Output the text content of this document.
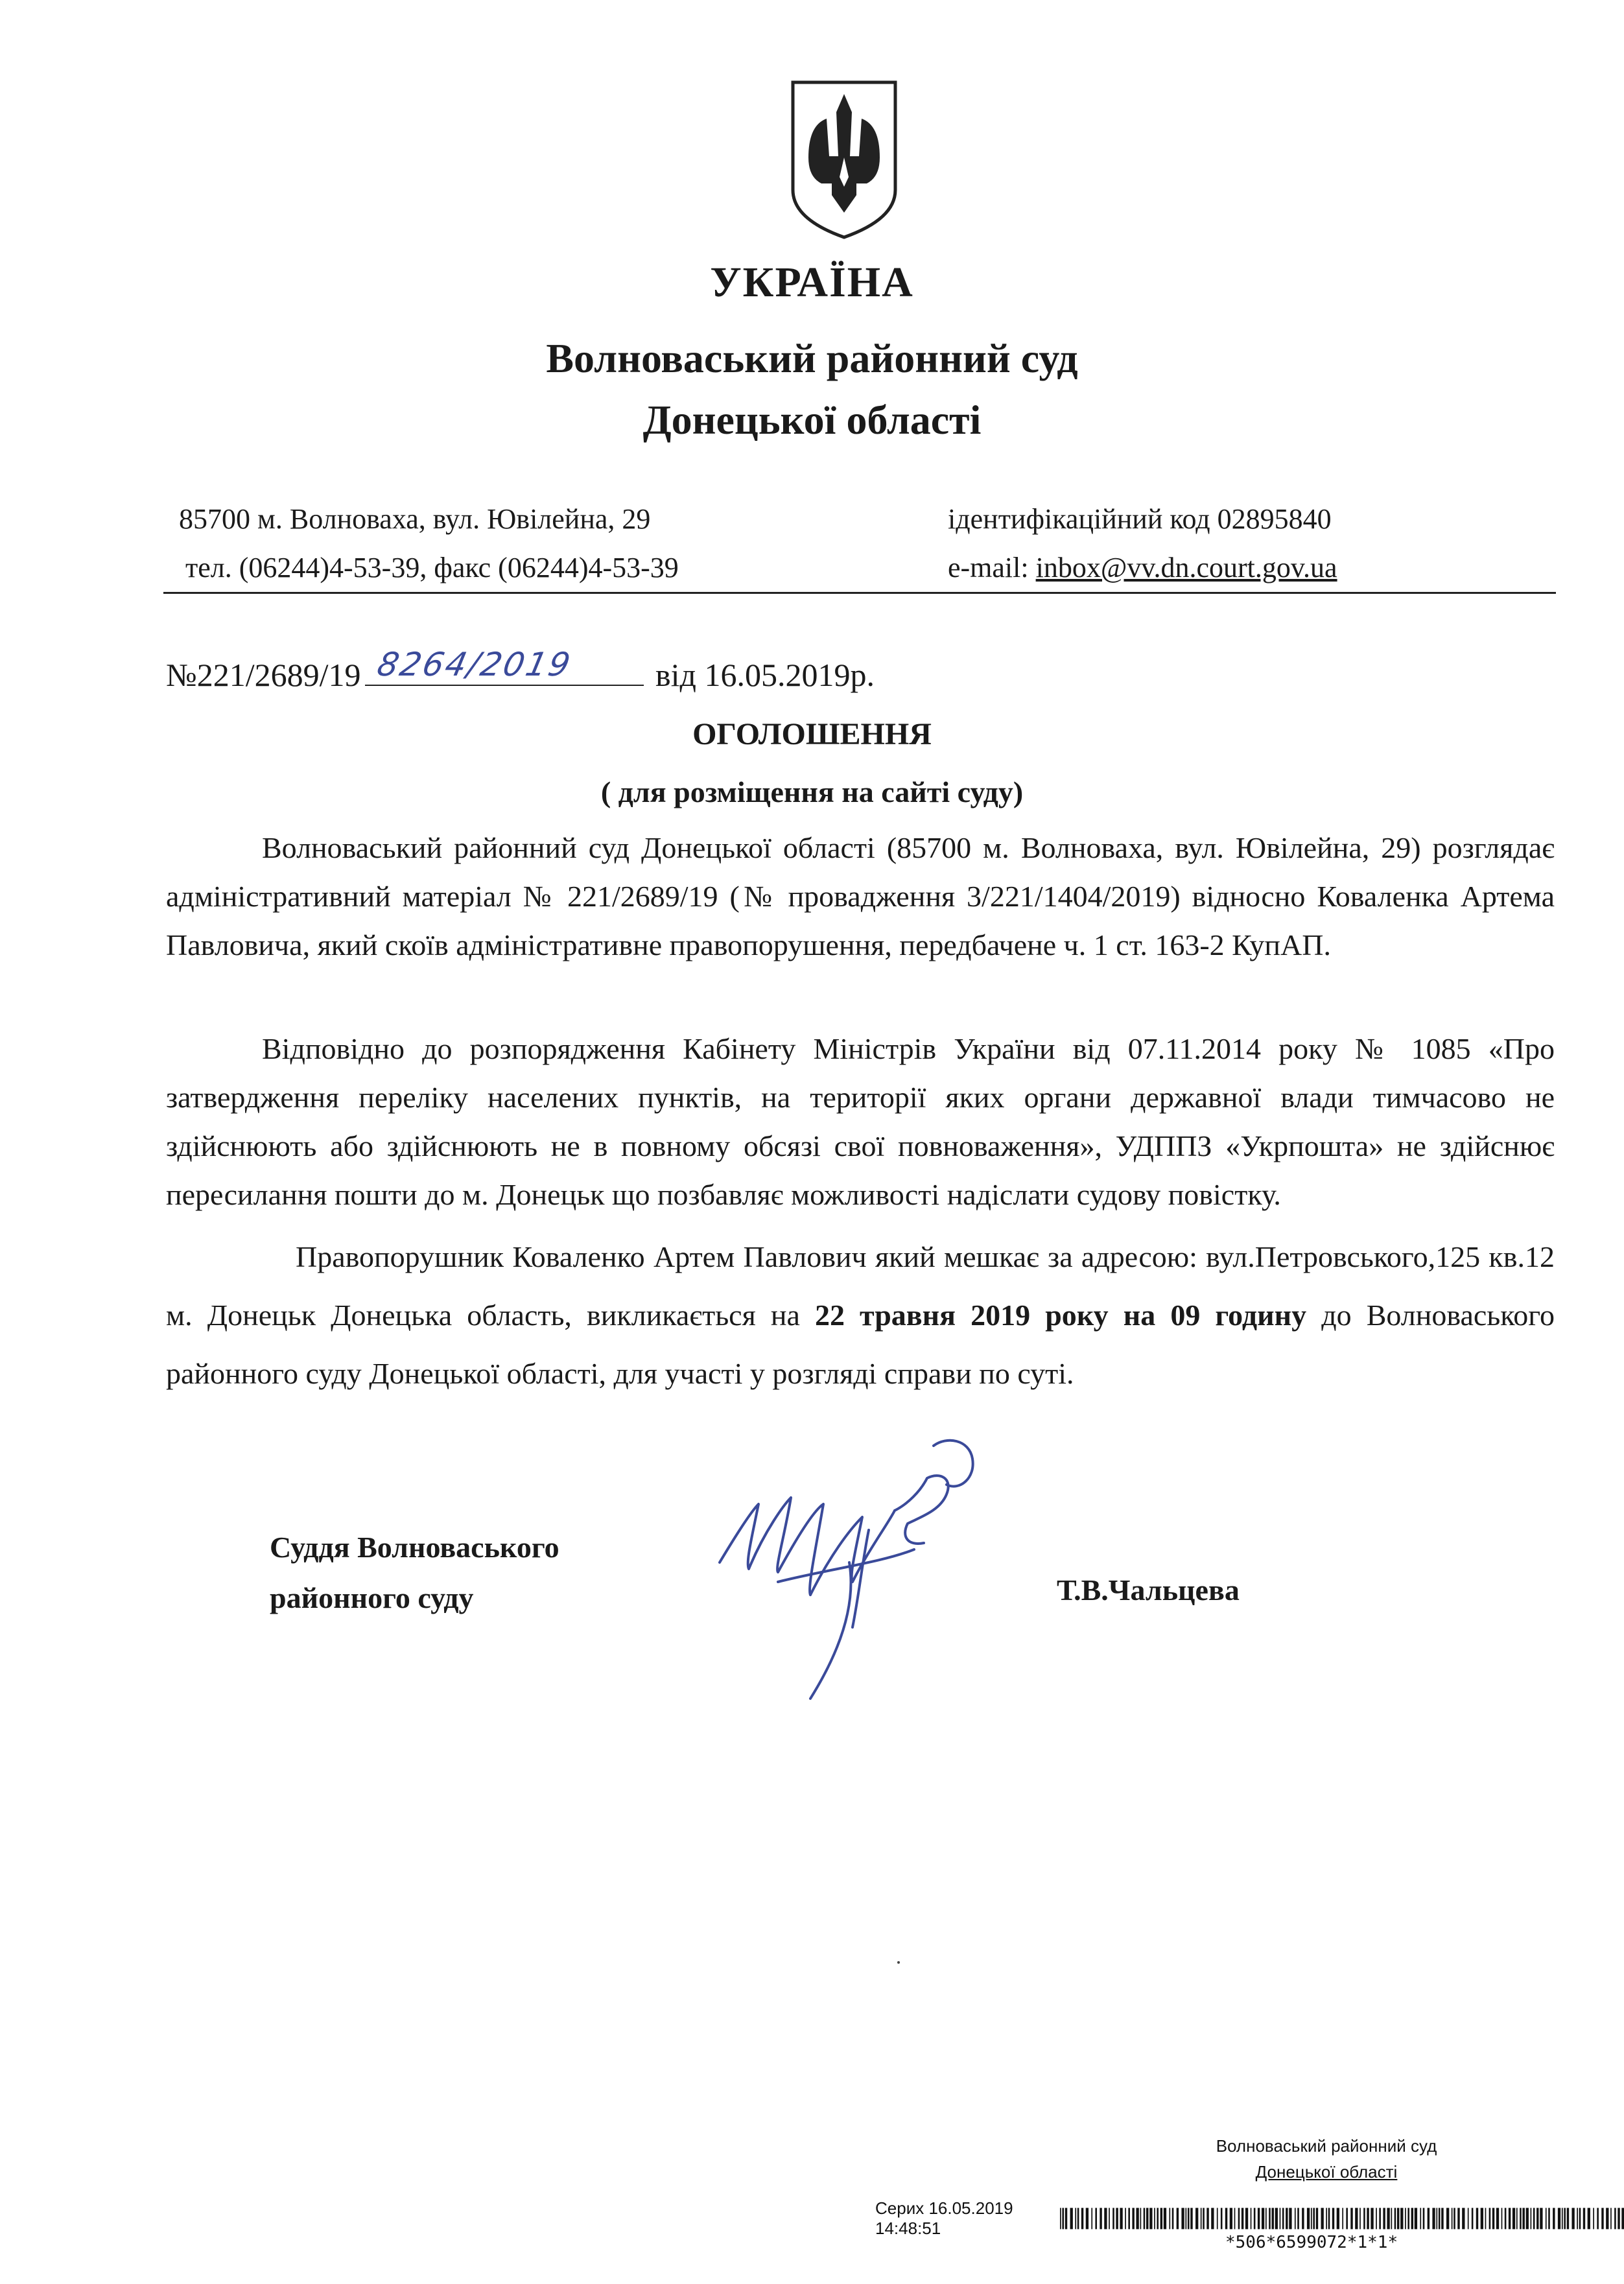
УКРАЇНА
Волноваський районний суд
Донецької області
85700 м. Волноваха, вул. Ювілейна, 29
тел. (06244)4-53-39, факс (06244)4-53-39
ідентифікаційний код 02895840
e-mail: inbox@vv.dn.court.gov.ua
№221/2689/19 8264/2019 від 16.05.2019р.
ОГОЛОШЕННЯ
( для розміщення на сайті суду)
Волноваський районний суд Донецької області (85700 м. Волноваха, вул. Ювілейна, 29) розглядає адміністративний матеріал № 221/2689/19 (№ провадження 3/221/1404/2019) відносно Коваленка Артема Павловича, який скоїв адміністративне правопорушення, передбачене ч. 1 ст. 163-2 КупАП.
Відповідно до розпорядження Кабінету Міністрів України від 07.11.2014 року № 1085 «Про затвердження переліку населених пунктів, на території яких органи державної влади тимчасово не здійснюють або здійснюють не в повному обсязі свої повноваження», УДППЗ «Укрпошта» не здійснює пересилання пошти до м. Донецьк що позбавляє можливості надіслати судову повістку.
Правопорушник Коваленко Артем Павлович який мешкає за адресою: вул.Петровського,125 кв.12 м. Донецьк Донецька область, викликається на 22 травня 2019 року на 09 годину до Волноваського районного суду Донецької області, для участі у розгляді справи по суті.
Суддя Волноваського
районного суду	Т.В.Чальцева
Волноваський районний суд
Донецької області
Серих 16.05.2019 14:48:51
*506*6599072*1*1*
